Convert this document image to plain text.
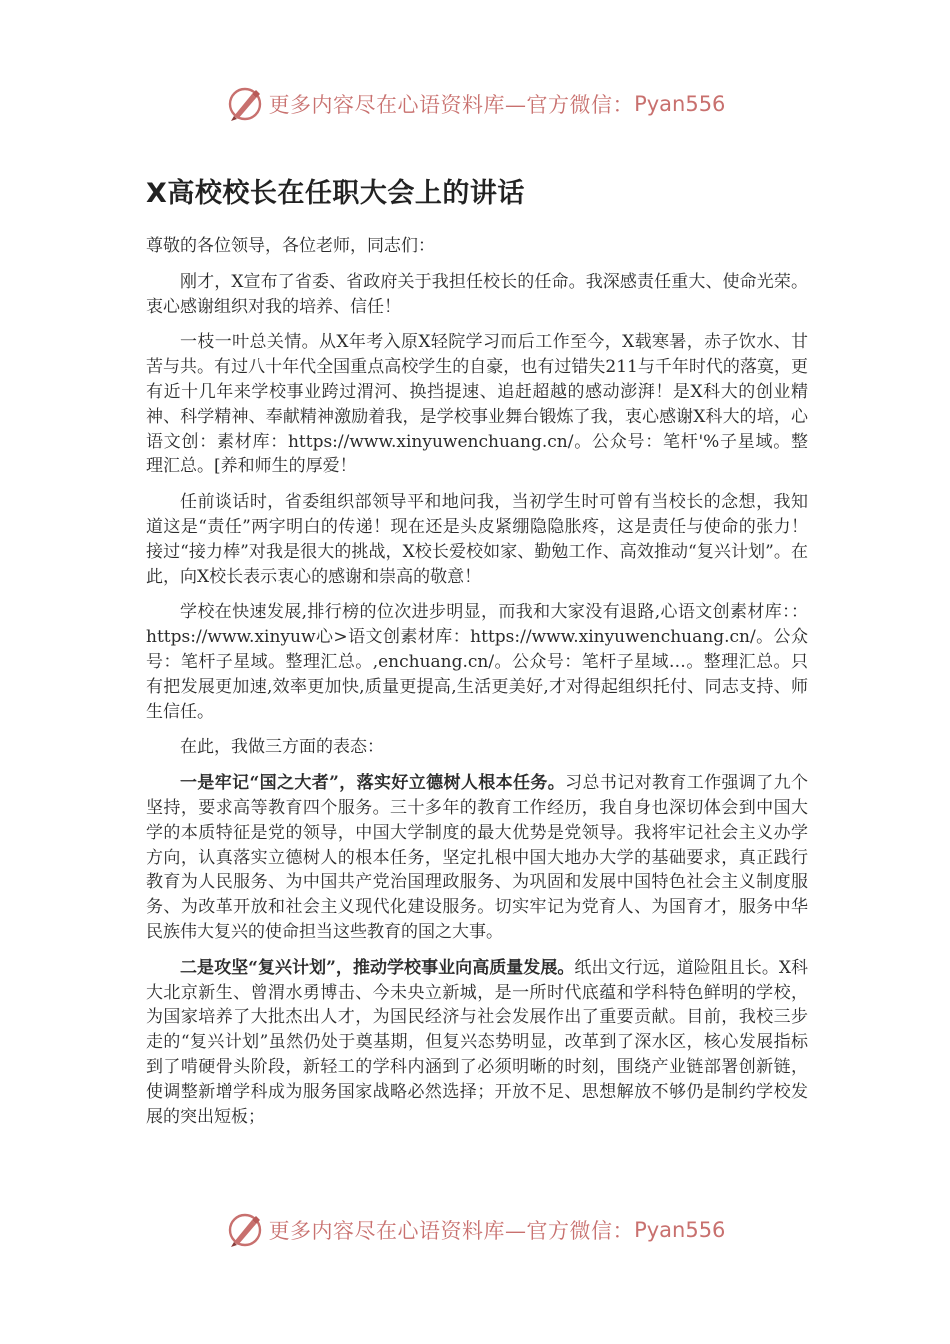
更多内容尽在心语资料库—官方微信： Pyan556
X高校校长在任职大会上的讲话

尊敬的各位领导，各位老师，同志们：

刚才，X宣布了省委、省政府关于我担任校长的任命。我深感责任重大、使命光荣。衷心感谢组织对我的培养、信任！

一枝一叶总关情。从X年考入原X轻院学习而后工作至今，X载寒暑，赤子饮水、甘苦与共。有过八十年代全国重点高校学生的自豪，也有过错失211与千年时代的落寞，更有近十几年来学校事业跨过渭河、换挡提速、追赶超越的感动澎湃！是X科大的创业精神、科学精神、奉献精神激励着我，是学校事业舞台锻炼了我，衷心感谢X科大的培，心语文创：素材库：https://www.xinyuwenchuang.cn/。公众号：笔杆'%子星域。整理汇总。[养和师生的厚爱！

任前谈话时，省委组织部领导平和地问我，当初学生时可曾有当校长的念想，我知道这是“责任”两字明白的传递！现在还是头皮紧绷隐隐胀疼，这是责任与使命的张力！接过“接力棒”对我是很大的挑战，X校长爱校如家、勤勉工作、高效推动“复兴计划”。在此，向X校长表示衷心的感谢和崇高的敬意！

学校在快速发展,排行榜的位次进步明显，而我和大家没有退路,心语文创素材库：：https://www.xinyuw心>语文创素材库：https://www.xinyuwenchuang.cn/。公众号：笔杆子星域。整理汇总。,enchuang.cn/。公众号：笔杆子星域…。整理汇总。只有把发展更加速,效率更加快,质量更提高,生活更美好,才对得起组织托付、同志支持、师生信任。

在此，我做三方面的表态：

一是牢记“国之大者”，落实好立德树人根本任务。习总书记对教育工作强调了九个坚持，要求高等教育四个服务。三十多年的教育工作经历，我自身也深切体会到中国大学的本质特征是党的领导，中国大学制度的最大优势是党领导。我将牢记社会主义办学方向，认真落实立德树人的根本任务，坚定扎根中国大地办大学的基础要求，真正践行教育为人民服务、为中国共产党治国理政服务、为巩固和发展中国特色社会主义制度服务、为改革开放和社会主义现代化建设服务。切实牢记为党育人、为国育才，服务中华民族伟大复兴的使命担当这些教育的国之大事。

二是攻坚“复兴计划”，推动学校事业向高质量发展。纸出文行远，道险阻且长。X科大北京新生、曾渭水勇博击、今未央立新城，是一所时代底蕴和学科特色鲜明的学校，为国家培养了大批杰出人才，为国民经济与社会发展作出了重要贡献。目前，我校三步走的“复兴计划”虽然仍处于奠基期，但复兴态势明显，改革到了深水区，核心发展指标到了啃硬骨头阶段，新轻工的学科内涵到了必须明晰的时刻，围绕产业链部署创新链，使调整新增学科成为服务国家战略必然选择；开放不足、思想解放不够仍是制约学校发展的突出短板；

更多内容尽在心语资料库—官方微信： Pyan556
